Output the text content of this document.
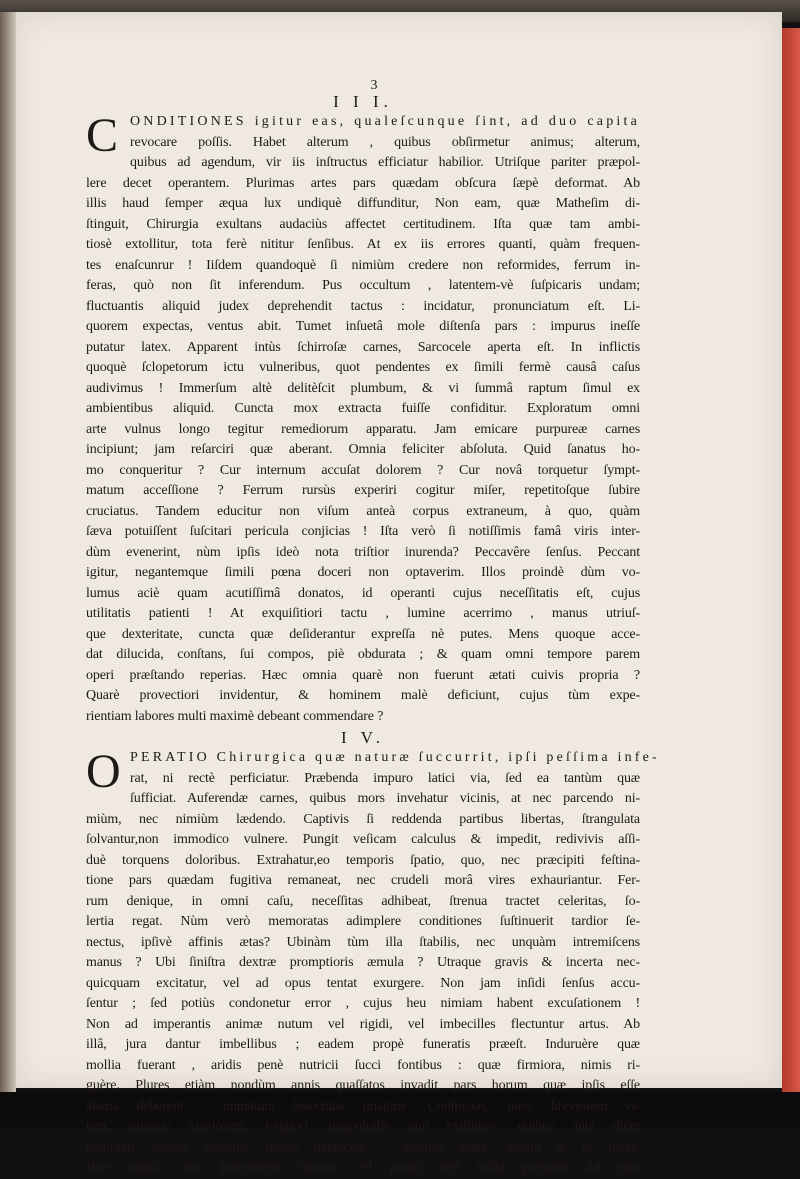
3
I I I.
C ONDITIONES igitur eas, qualeſcunque ſint, ad duo capita
revocare poſſis. Habet alterum , quibus obſirmetur animus; alterum,
quibus ad agendum, vir iis inſtructus efficiatur habilior. Utriſque pariter præpol-
lere decet operantem. Plurimas artes pars quædam obſcura ſæpè deformat. Ab
illis haud ſemper æqua lux undiquè diffunditur, Non eam, quæ Matheſim di-
ſtinguit, Chirurgia exultans audaciùs affectet certitudinem. Iſta quæ tam ambi-
tiosè extollitur, tota ferè nititur ſenſibus. At ex iis errores quanti, quàm frequen-
tes enaſcunrur ! Iiſdem quandoquè ſi nimiùm credere non reformides, ferrum in-
feras, quò non ſit inferendum. Pus occultum , latentem-vè ſuſpicaris undam;
fluctuantis aliquid judex deprehendit tactus : incidatur, pronunciatum eſt. Li-
quorem expectas, ventus abit. Tumet inſuetâ mole diſtenſa pars : impurus ineſſe
putatur latex. Apparent intùs ſchirroſæ carnes, Sarcocele aperta eſt. In inflictis
quoquè ſclopetorum ictu vulneribus, quot pendentes ex ſimili fermè causâ caſus
audivimus ! Immerſum altè delitèſcit plumbum, & vi ſummâ raptum ſimul ex
ambientibus aliquid. Cuncta mox extracta fuiſſe confiditur. Exploratum omni
arte vulnus longo tegitur remediorum apparatu. Jam emicare purpureæ carnes
incipiunt; jam reſarciri quæ aberant. Omnia feliciter abſoluta. Quid ſanatus ho-
mo conqueritur ? Cur internum accuſat dolorem ? Cur novâ torquetur ſympt-
matum acceſſione ? Ferrum rursùs experiri cogitur miſer, repetitoſque ſubire
cruciatus. Tandem educitur non viſum anteà corpus extraneum, à quo, quàm
ſæva potuiſſent ſuſcitari pericula conjicias ! Iſta verò ſi notiſſimis famâ viris inter-
dùm evenerint, nùm ipſis ideò nota triſtior inurenda? Peccavêre ſenſus. Peccant
igitur, negantemque ſimili pœna doceri non optaverim. Illos proindè dùm vo-
lumus aciè quam acutiſſimâ donatos, id operanti cujus neceſſitatis eſt, cujus
utilitatis patienti ! At exquiſitiori tactu , lumine acerrimo , manus utriuſ-
que dexteritate, cuncta quæ deſiderantur expreſſa nè putes. Mens quoque acce-
dat dilucida, conſtans, ſui compos, piè obdurata ; & quam omni tempore parem
operi præſtando reperias. Hæc omnia quarè non fuerunt ætati cuivis propria ?
Quarè provectiori invidentur, & hominem malè deficiunt, cujus tùm expe-
rientiam labores multi maximè debeant commendare ?
I V.
O PERATIO Chirurgica quæ naturæ ſuccurrit, ipſi peſſima infe-
rat, ni rectè perficiatur. Præbenda impuro latici via, ſed ea tantùm quæ
ſufficiat. Auferendæ carnes, quibus mors invehatur vicinis, at nec parcendo ni-
miùm, nec nimiùm lædendo. Captivis ſi reddenda partibus libertas, ſtrangulata
ſolvantur,non immodico vulnere. Pungit veſicam calculus & impedit, redivivis aſſi-
duè torquens doloribus. Extrahatur,eo temporis ſpatio, quo, nec præcipiti feſtina-
tione pars quædam fugitiva remaneat, nec crudeli morâ vires exhauriantur. Fer-
rum denique, in omni caſu, neceſſitas adhibeat, ſtrenua tractet celeritas, ſo-
lertia regat. Nùm verò memoratas adimplere conditiones ſuſtinuerit tardior ſe-
nectus, ipſivè affinis ætas? Ubinàm tùm illa ſtabilis, nec unquàm intremiſcens
manus ? Ubi ſiniſtra dextræ promptioris æmula ? Utraque gravis & incerta nec-
quicquam excitatur, vel ad opus tentat exurgere. Non jam inſidi ſenſus accu-
ſentur ; ſed potiùs condonetur error , cujus heu nimiam habent excuſationem !
Non ad imperantis animæ nutum vel rigidi, vel imbecilles flectuntur artus. Ab
illâ, jura dantur imbellibus ; eadem propè funeratis præeſt. Induruère quæ
mollia fuerant , aridis penè nutricii ſucci fontibus : quæ firmiora, nimis ri-
guère. Plures etiàm nondùm annis quaſſatos invadit pars horum quæ ipſis eſſe
aliena deberent , immaturâ ſenectutis imagine. Conſpicias, quos breviorem vi-
tam, eamque ſuaviorem, longiori antepoſuiſſe non exiſtimes, quibus antè diem
debilitari corpus videatur, ſenſus hebeſcere : juvenes ætate, habitu & re ſenes.
Hæc omnia cum juventutem rariora, vel potiùs ferè nulla premant, ad eam
